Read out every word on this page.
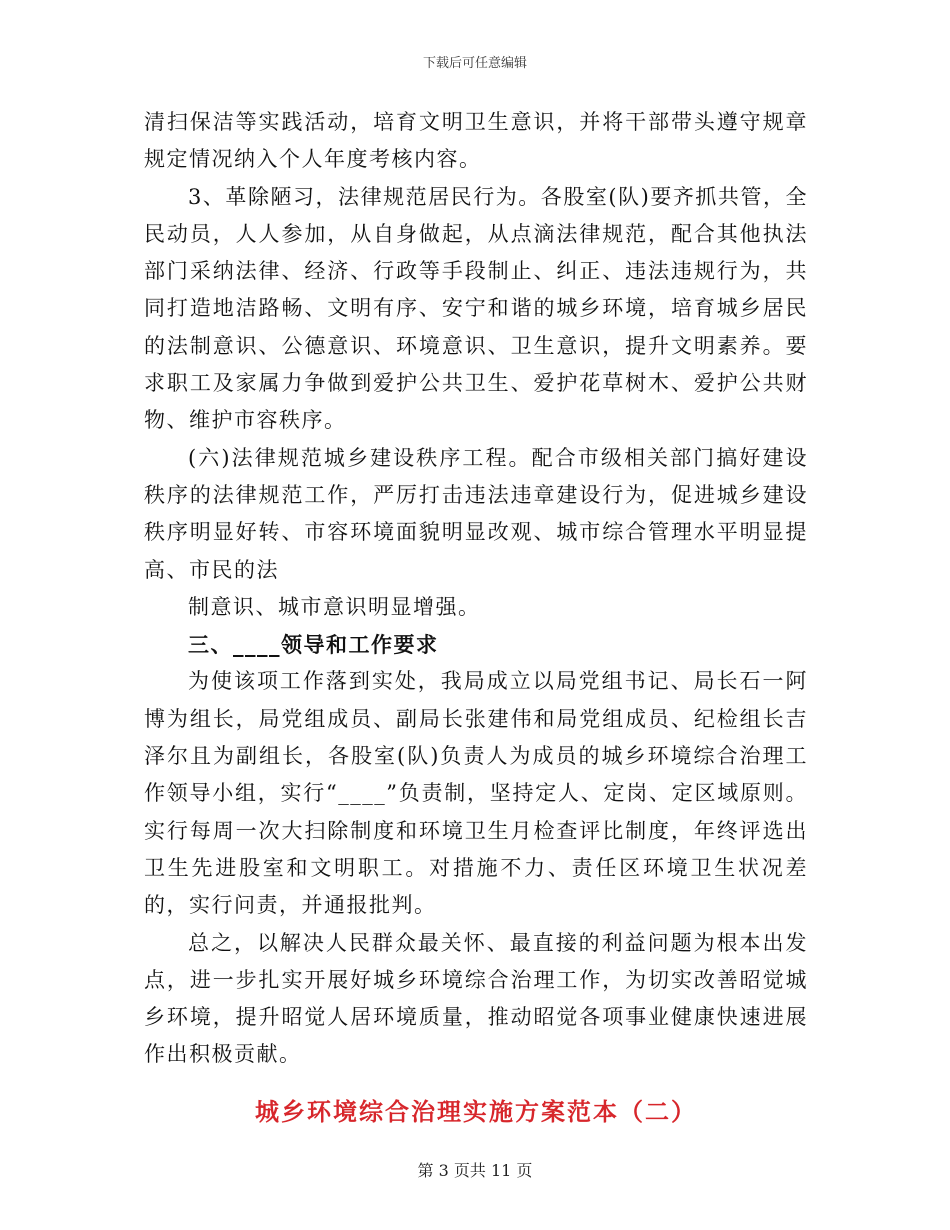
下载后可任意编辑

清扫保洁等实践活动，培育文明卫生意识，并将干部带头遵守规章规定情况纳入个人年度考核内容。

3、革除陋习，法律规范居民行为。各股室(队)要齐抓共管，全民动员，人人参加，从自身做起，从点滴法律规范，配合其他执法部门采纳法律、经济、行政等手段制止、纠正、违法违规行为，共同打造地洁路畅、文明有序、安宁和谐的城乡环境，培育城乡居民的法制意识、公德意识、环境意识、卫生意识，提升文明素养。要求职工及家属力争做到爱护公共卫生、爱护花草树木、爱护公共财物、维护市容秩序。

(六)法律规范城乡建设秩序工程。配合市级相关部门搞好建设秩序的法律规范工作，严厉打击违法违章建设行为，促进城乡建设秩序明显好转、市容环境面貌明显改观、城市综合管理水平明显提高、市民的法

制意识、城市意识明显增强。

三、____领导和工作要求

为使该项工作落到实处，我局成立以局党组书记、局长石一阿博为组长，局党组成员、副局长张建伟和局党组成员、纪检组长吉泽尔且为副组长，各股室(队)负责人为成员的城乡环境综合治理工作领导小组，实行“____”负责制，坚持定人、定岗、定区域原则。实行每周一次大扫除制度和环境卫生月检查评比制度，年终评选出卫生先进股室和文明职工。对措施不力、责任区环境卫生状况差的，实行问责，并通报批判。

总之，以解决人民群众最关怀、最直接的利益问题为根本出发点，进一步扎实开展好城乡环境综合治理工作，为切实改善昭觉城乡环境，提升昭觉人居环境质量，推动昭觉各项事业健康快速进展作出积极贡献。

城乡环境综合治理实施方案范本（二）

第 3 页共 11 页
